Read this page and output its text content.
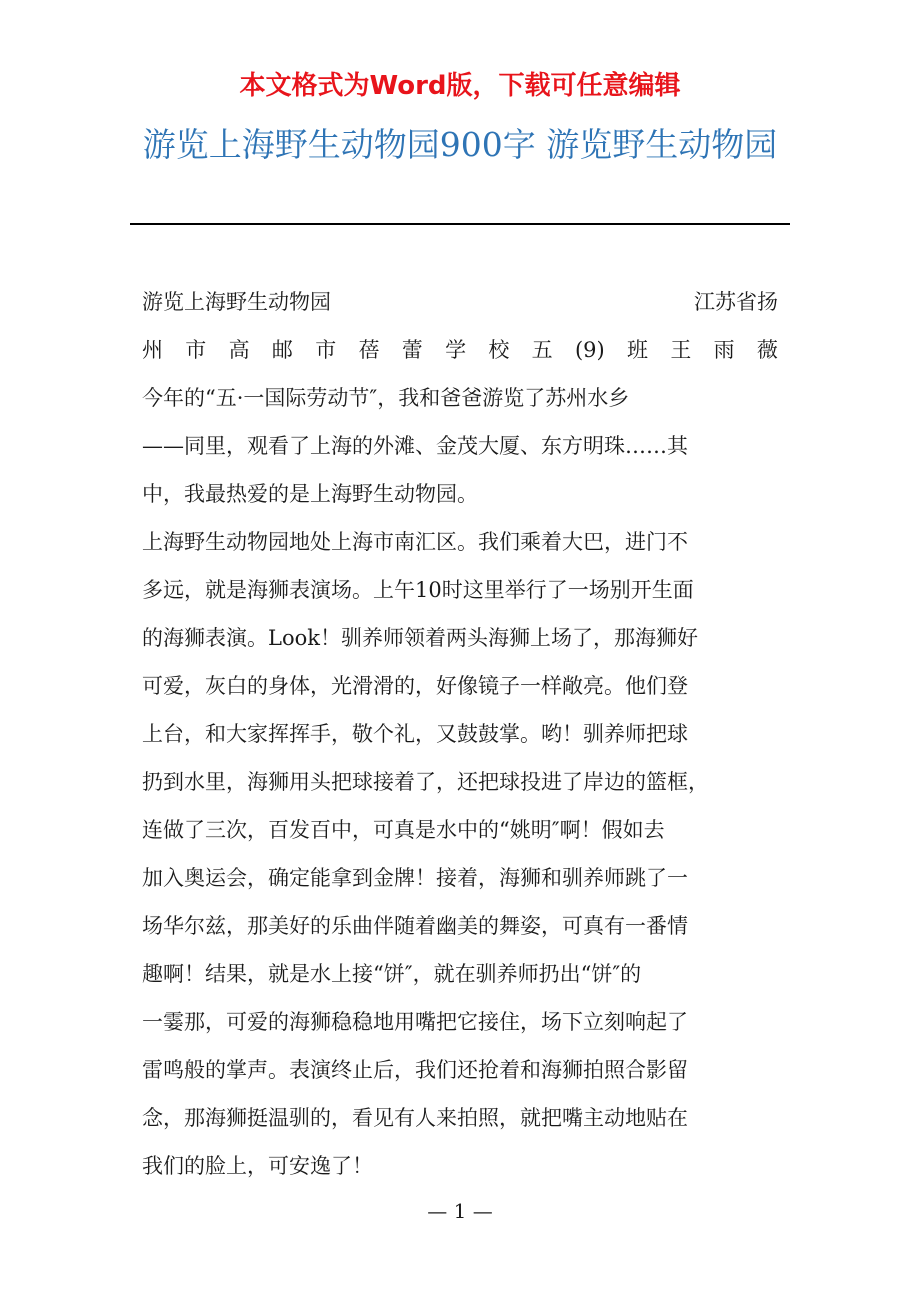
本文格式为Word版，下载可任意编辑
游览上海野生动物园900字 游览野生动物园
游览上海野生动物园	江苏省扬
州 市 高 邮 市 蓓 蕾 学 校 五 (9) 班 王 雨 薇
今年的“五·一国际劳动节″，我和爸爸游览了苏州水乡
——同里，观看了上海的外滩、金茂大厦、东方明珠……其
中，我最热爱的是上海野生动物园。
上海野生动物园地处上海市南汇区。我们乘着大巴，进门不
多远，就是海狮表演场。上午10时这里举行了一场别开生面
的海狮表演。Look！驯养师领着两头海狮上场了，那海狮好
可爱，灰白的身体，光滑滑的，好像镜子一样敞亮。他们登
上台，和大家挥挥手，敬个礼，又鼓鼓掌。哟！驯养师把球
扔到水里，海狮用头把球接着了，还把球投进了岸边的篮框，
连做了三次，百发百中，可真是水中的“姚明″啊！假如去
加入奥运会，确定能拿到金牌！接着，海狮和驯养师跳了一
场华尔兹，那美好的乐曲伴随着幽美的舞姿，可真有一番情
趣啊！结果，就是水上接“饼″，就在驯养师扔出“饼″的
一霎那，可爱的海狮稳稳地用嘴把它接住，场下立刻响起了
雷鸣般的掌声。表演终止后，我们还抢着和海狮拍照合影留
念，那海狮挺温驯的，看见有人来拍照，就把嘴主动地贴在
我们的脸上，可安逸了！
— 1 —
